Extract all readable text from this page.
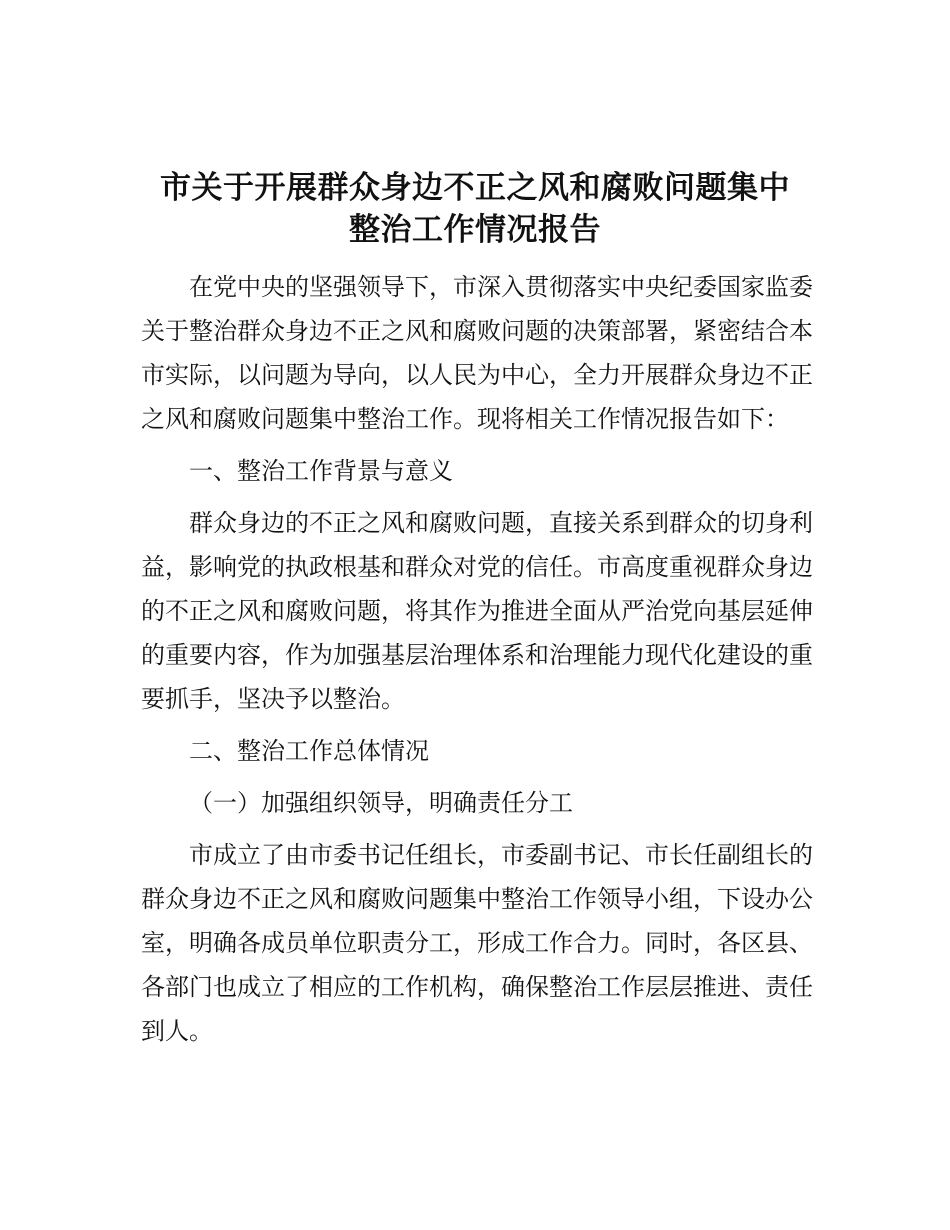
市关于开展群众身边不正之风和腐败问题集中
整治工作情况报告

在党中央的坚强领导下，市深入贯彻落实中央纪委国家监委关于整治群众身边不正之风和腐败问题的决策部署，紧密结合本市实际，以问题为导向，以人民为中心，全力开展群众身边不正之风和腐败问题集中整治工作。现将相关工作情况报告如下：

一、整治工作背景与意义

群众身边的不正之风和腐败问题，直接关系到群众的切身利益，影响党的执政根基和群众对党的信任。市高度重视群众身边的不正之风和腐败问题，将其作为推进全面从严治党向基层延伸的重要内容，作为加强基层治理体系和治理能力现代化建设的重要抓手，坚决予以整治。

二、整治工作总体情况

（一）加强组织领导，明确责任分工

市成立了由市委书记任组长，市委副书记、市长任副组长的群众身边不正之风和腐败问题集中整治工作领导小组，下设办公室，明确各成员单位职责分工，形成工作合力。同时，各区县、各部门也成立了相应的工作机构，确保整治工作层层推进、责任到人。
